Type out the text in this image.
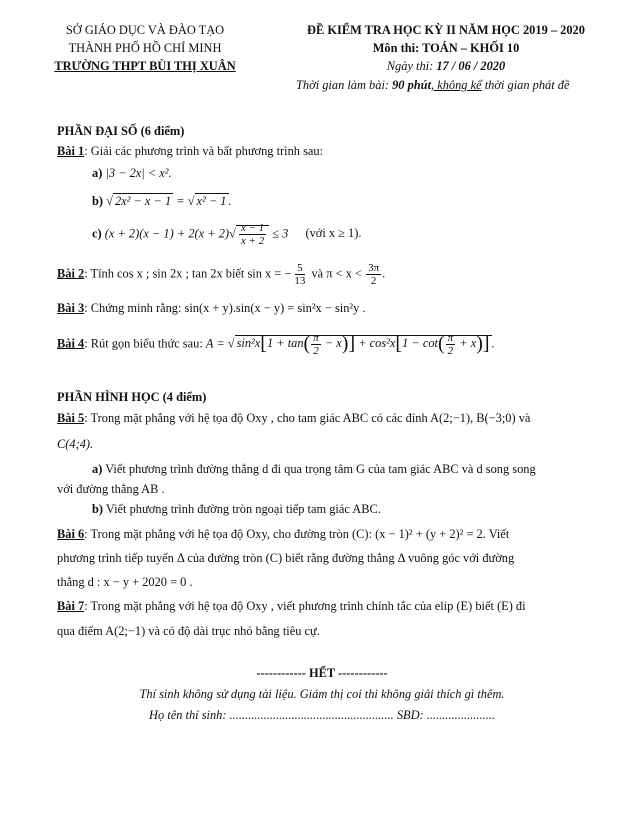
SỞ GIÁO DỤC VÀ ĐÀO TẠO
THÀNH PHỐ HỒ CHÍ MINH
TRƯỜNG THPT BÙI THỊ XUÂN
ĐỀ KIỂM TRA HỌC KỲ II NĂM HỌC 2019 – 2020
Môn thi: TOÁN – KHỐI 10
Ngày thi: 17 / 06 / 2020
Thời gian làm bài: 90 phút, không kể thời gian phát đề
PHẦN ĐẠI SỐ (6 điểm)
Bài 1: Giải các phương trình và bất phương trình sau:
a) |3 − 2x| < x².
b) √ 2x² − x − 1 = √ x² − 1 .
c) $(x + 2)(x - 1) + 2(x + 2)√ \frac{x - 1}{x + 2} \le 3$ (với x ≥ 1).
Bài 2: Tính cos x ; sin 2x ; tan 2x biết sin x = − $\frac{5}{13}$ và $\pi < x < \frac{3\pi}{2}$ .
Bài 3: Chứng minh rằng: sin(x + y).sin(x − y) = sin²x − sin²y .
Bài 4: Rút gọn biểu thức sau: A = √ $\sin^2x[1 + \tan( \frac{\pi}{2} - x)] + \cos^2x[1 - \cot( \frac{\pi}{2} + x)]$ .
PHẦN HÌNH HỌC (4 điểm)
Bài 5: Trong mặt phẳng với hệ tọa độ Oxy , cho tam giác ABC có các đỉnh A(2;−1), B(−3;0) và
C(4;4).
a) Viết phương trình đường thẳng d đi qua trọng tâm G của tam giác ABC và d song song
với đường thẳng AB .
b) Viết phương trình đường tròn ngoại tiếp tam giác ABC.
Bài 6: Trong mặt phẳng với hệ tọa độ Oxy, cho đường tròn (C): (x − 1)² + (y + 2)² = 2. Viết
phương trình tiếp tuyến Δ của đường tròn (C) biết rằng đường thẳng Δ vuông góc với đường
thẳng d : x − y + 2020 = 0 .
Bài 7: Trong mặt phẳng với hệ tọa độ Oxy , viết phương trình chính tắc của elip (E) biết (E) đi
qua điểm A(2;−1) và có độ dài trục nhỏ bằng tiêu cự.
------------ HẾT ------------
Thí sinh không sử dụng tài liệu. Giám thị coi thi không giải thích gì thêm.
Họ tên thí sinh: ..................................................... SBD: ......................
